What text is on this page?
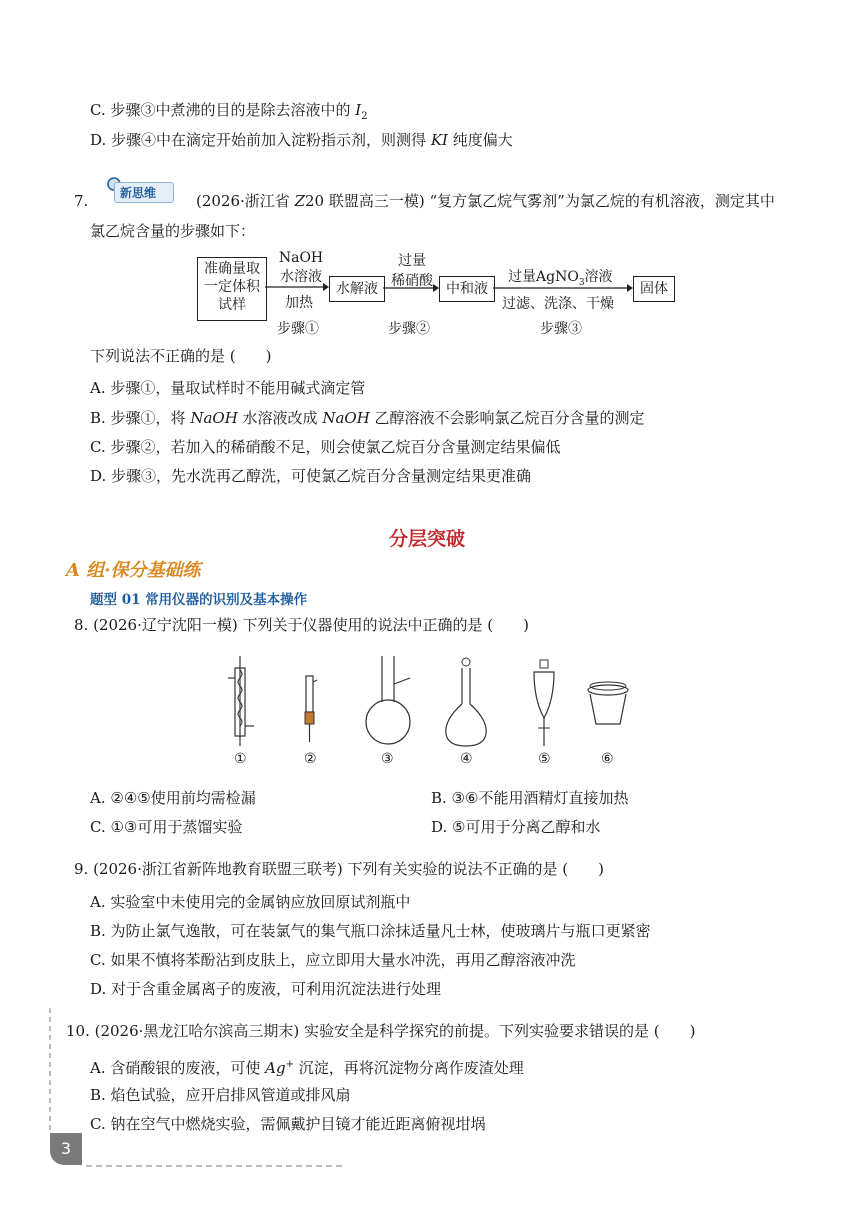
C. 步骤③中煮沸的目的是除去溶液中的 $I_2$
D. 步骤④中在滴定开始前加入淀粉指示剂，则测得 KI 纯度偏大
7.	新思维	(2026·浙江省 Z20 联盟高三一模) “复方氯乙烷气雾剂”为氯乙烷的有机溶液，测定其中
氯乙烷含量的步骤如下：
准确量取
一定体积
试样
NaOH
水溶液
加热
水解液
过量
稀硝酸 中和液
过量AgNO$_3$溶液
过滤、洗涤、干燥
固体
步骤①	步骤②	步骤③
下列说法不正确的是 (　　)
A. 步骤①，量取试样时不能用碱式滴定管
B. 步骤①，将 NaOH 水溶液改成 NaOH 乙醇溶液不会影响氯乙烷百分含量的测定
C. 步骤②，若加入的稀硝酸不足，则会使氯乙烷百分含量测定结果偏低
D. 步骤③，先水洗再乙醇洗，可使氯乙烷百分含量测定结果更准确
分层突破
A 组·保分基础练
题型 01 常用仪器的识别及基本操作
8. (2026·辽宁沈阳一模) 下列关于仪器使用的说法中正确的是 (　　)
①	②	③	④	⑤	⑥
A. ②④⑤使用前均需检漏	B. ③⑥不能用酒精灯直接加热
C. ①③可用于蒸馏实验	D. ⑤可用于分离乙醇和水
9. (2026·浙江省新阵地教育联盟三联考) 下列有关实验的说法不正确的是 (　　)
A. 实验室中未使用完的金属钠应放回原试剂瓶中
B. 为防止氯气逸散，可在装氯气的集气瓶口涂抹适量凡士林，使玻璃片与瓶口更紧密
C. 如果不慎将苯酚沾到皮肤上，应立即用大量水冲洗，再用乙醇溶液冲洗
D. 对于含重金属离子的废液，可利用沉淀法进行处理
10. (2026·黑龙江哈尔滨高三期末) 实验安全是科学探究的前提。下列实验要求错误的是 (　　)
A. 含硝酸银的废液，可使 Ag+ 沉淀，再将沉淀物分离作废渣处理
B. 焰色试验，应开启排风管道或排风扇
C. 钠在空气中燃烧实验，需佩戴护目镜才能近距离俯视坩埚
3
